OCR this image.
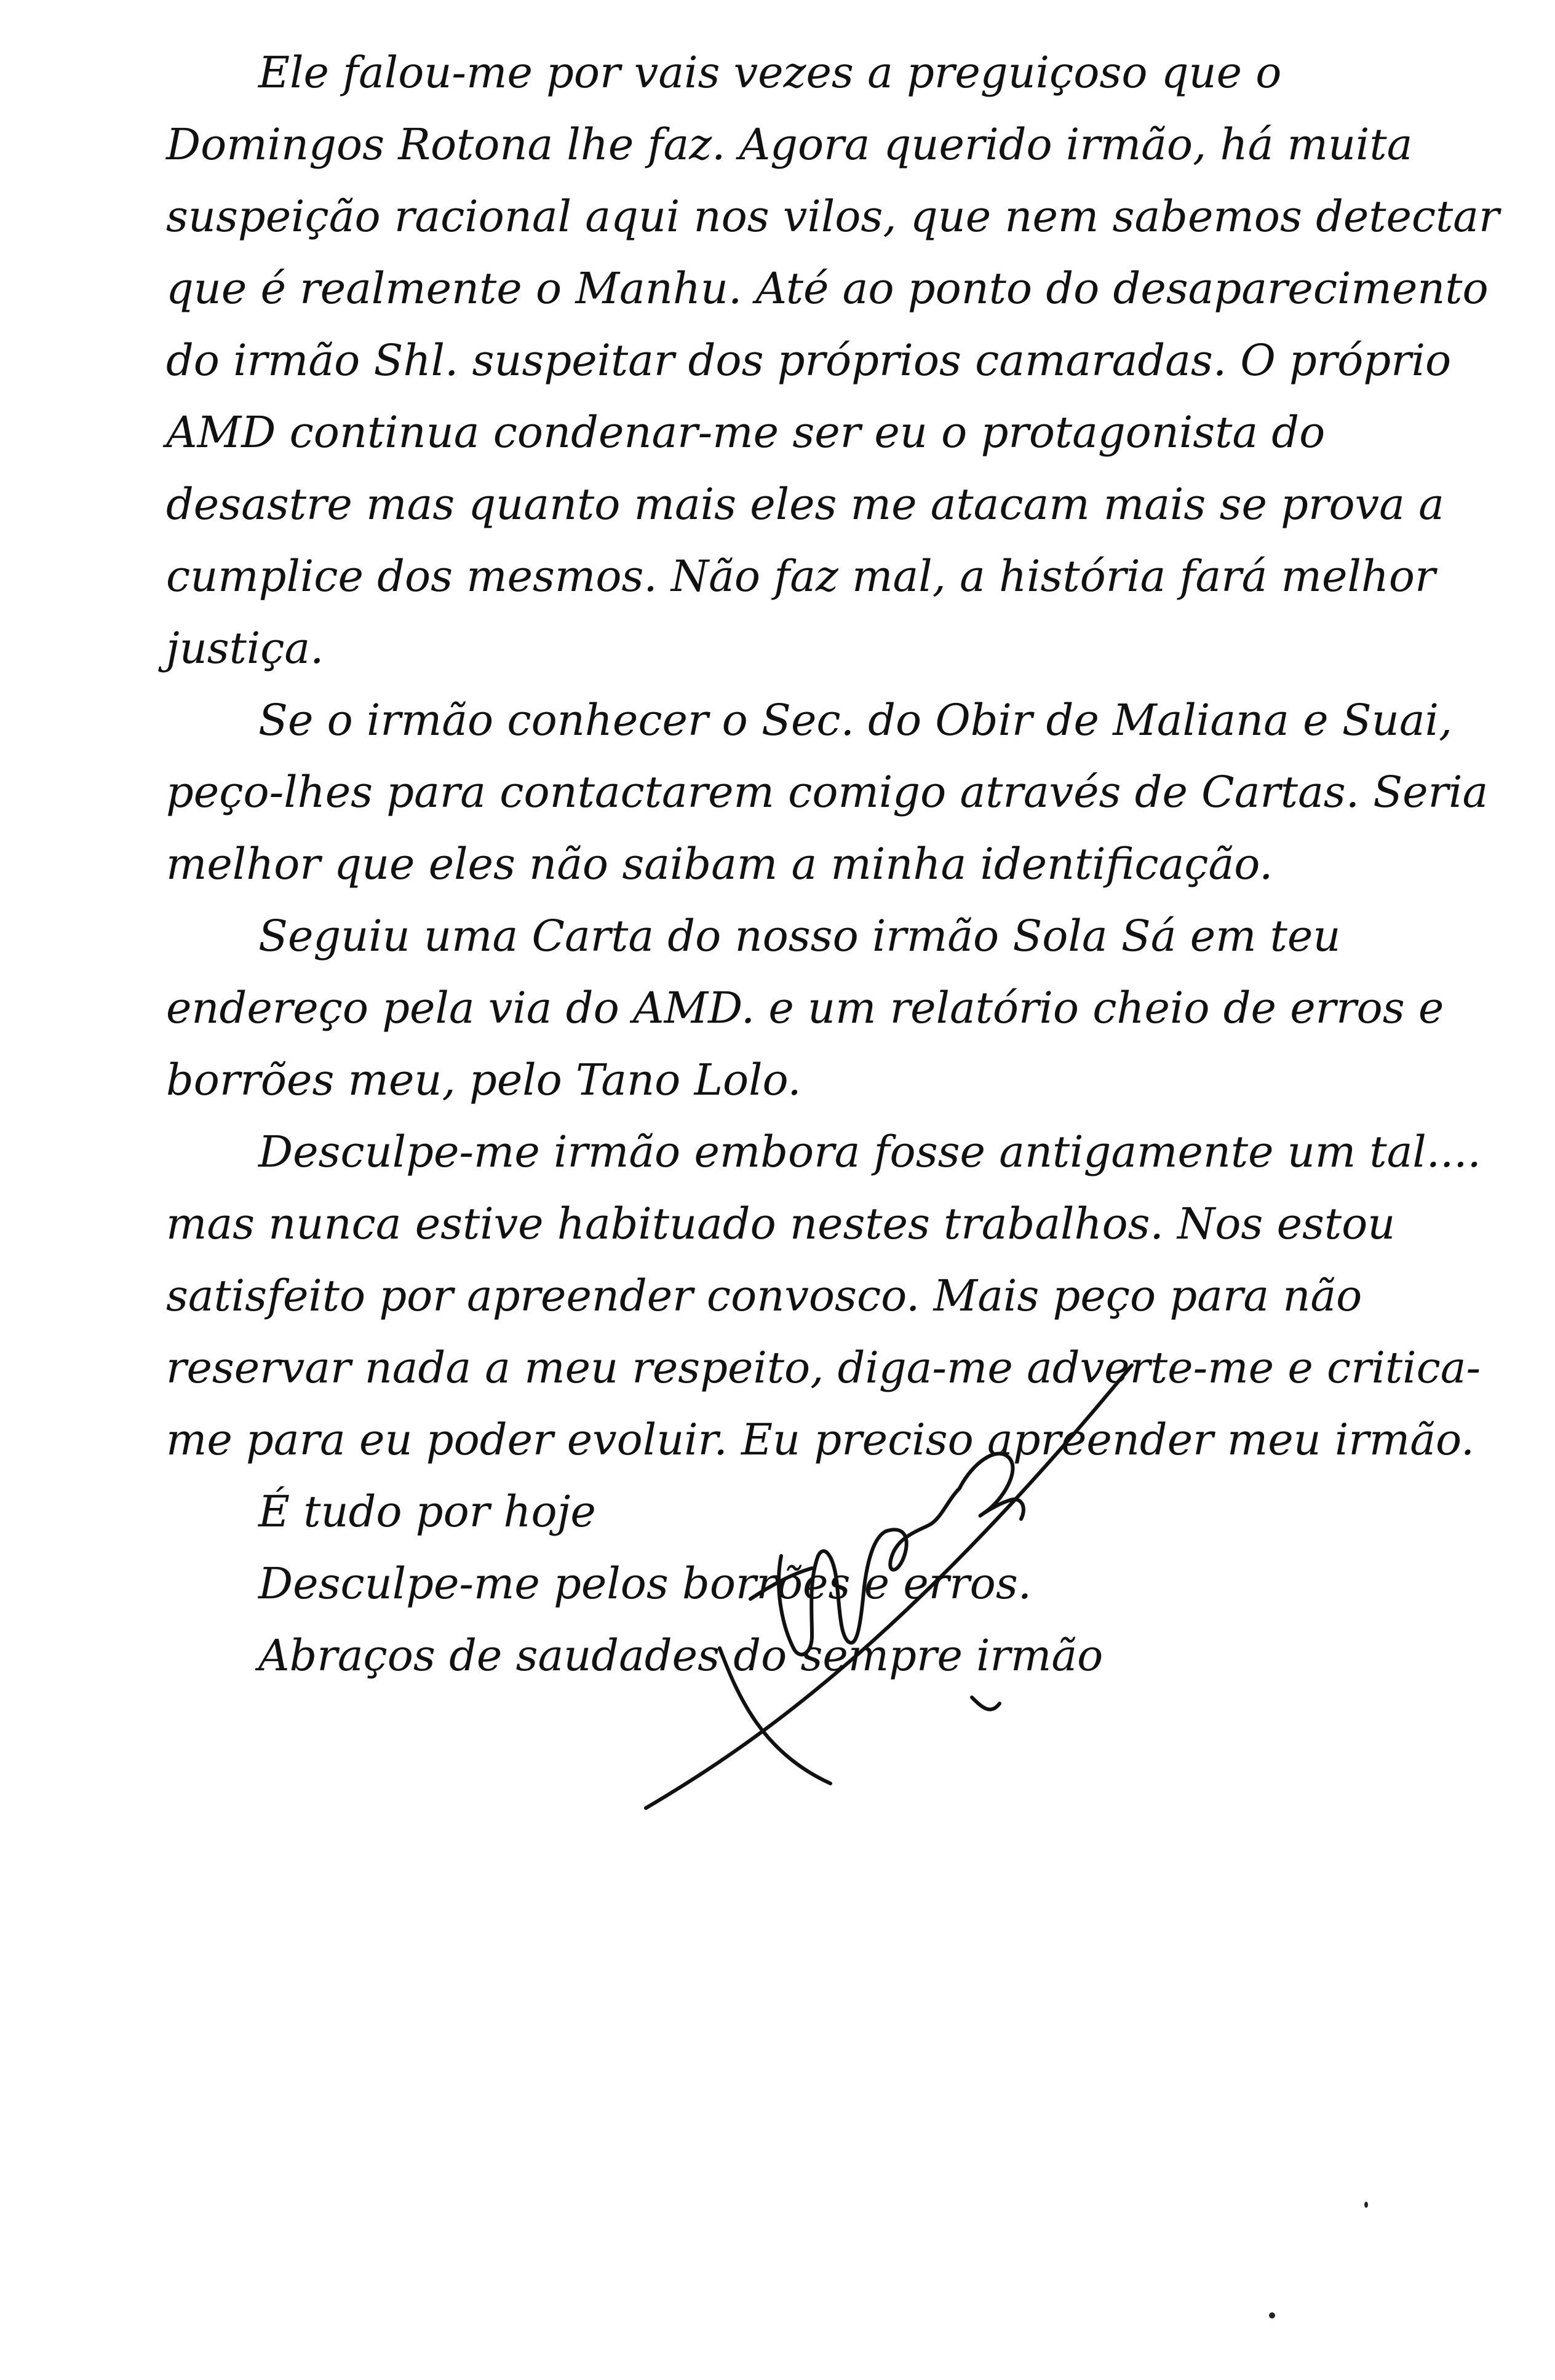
Ele falou-me por vais vezes a preguiçoso que o Domingos Rotona lhe faz. Agora querido irmão, há muita suspeição racional aqui nos vilos, que nem sabemos detectar que é realmente o Manhu. Até ao ponto do desaparecimento do irmão Shl. suspeitar dos próprios camaradas. O próprio AMD continua condenar-me ser eu o protagonista do desastre mas quanto mais eles me atacam mais se prova a cumplice dos mesmos. Não faz mal, a história fará melhor justiça.

Se o irmão conhecer o Sec. do Obir de Maliana e Suai, peço-lhes para contactarem comigo através de Cartas. Seria melhor que eles não saibam a minha identificação.

Seguiu uma Carta do nosso irmão Sola Sá em teu endereço pela via do AMD. e um relatório cheio de erros e borrões meu, pelo Tano Lolo.

Desculpe-me irmão embora fosse antigamente um tal.... mas nunca estive habituado nestes trabalhos. Nos estou satisfeito por apreender convosco. Mais peço para não reservar nada a meu respeito, diga-me adverte-me e critica-me para eu poder evoluir. Eu preciso apreender meu irmão.

É tudo por hoje

Desculpe-me pelos borrões e erros.

Abraços de saudades do sempre irmão
